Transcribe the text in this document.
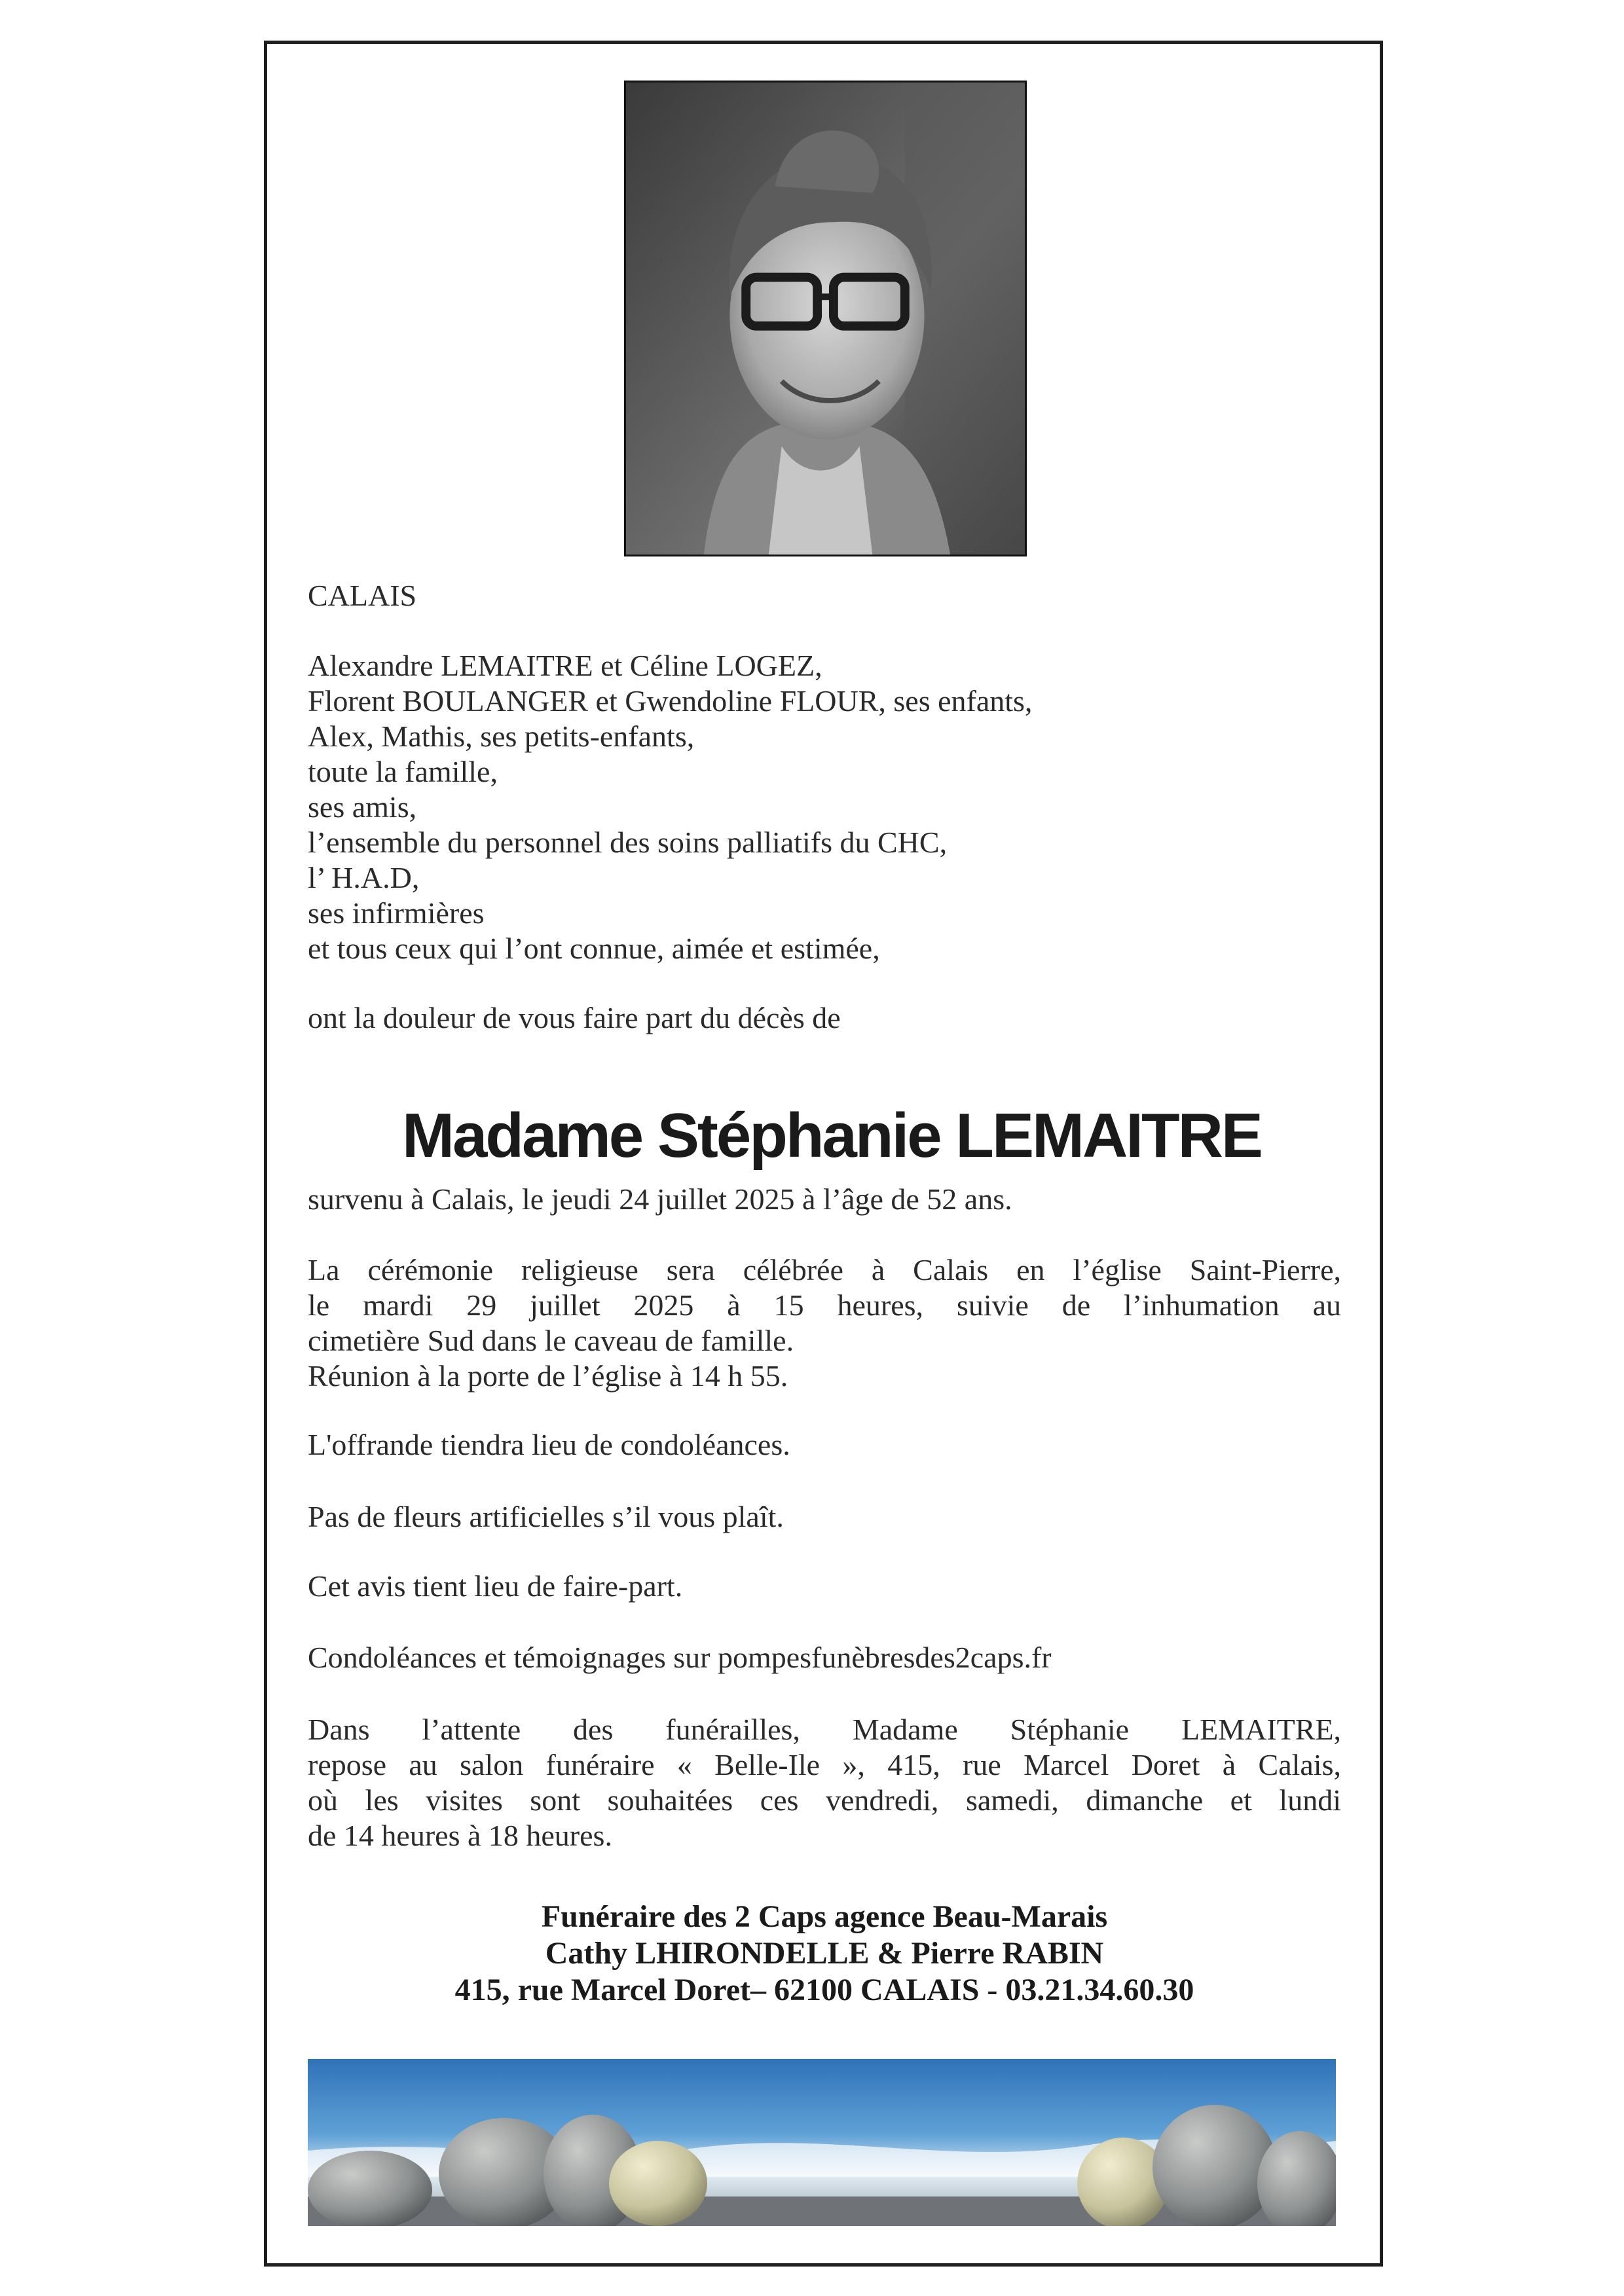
CALAIS
Alexandre LEMAITRE et Céline LOGEZ,
Florent BOULANGER et Gwendoline FLOUR, ses enfants,
Alex, Mathis, ses petits-enfants,
toute la famille,
ses amis,
l’ensemble du personnel des soins palliatifs du CHC,
l’ H.A.D,
ses infirmières
et tous ceux qui l’ont connue, aimée et estimée,
ont la douleur de vous faire part du décès de
Madame Stéphanie LEMAITRE
survenu à Calais, le jeudi 24 juillet 2025 à l’âge de 52 ans.
La cérémonie religieuse sera célébrée à Calais en l’église Saint-Pierre,
le mardi 29 juillet 2025 à 15 heures, suivie de l’inhumation au
cimetière Sud dans le caveau de famille.
Réunion à la porte de l’église à 14 h 55.
L'offrande tiendra lieu de condoléances.
Pas de fleurs artificielles s’il vous plaît.
Cet avis tient lieu de faire-part.
Condoléances et témoignages sur pompesfunèbresdes2caps.fr
Dans l’attente des funérailles, Madame Stéphanie LEMAITRE,
repose au salon funéraire « Belle-Ile », 415, rue Marcel Doret à Calais,
où les visites sont souhaitées ces vendredi, samedi, dimanche et lundi
de 14 heures à 18 heures.
Funéraire des 2 Caps agence Beau-Marais
Cathy LHIRONDELLE & Pierre RABIN
415, rue Marcel Doret– 62100 CALAIS - 03.21.34.60.30
